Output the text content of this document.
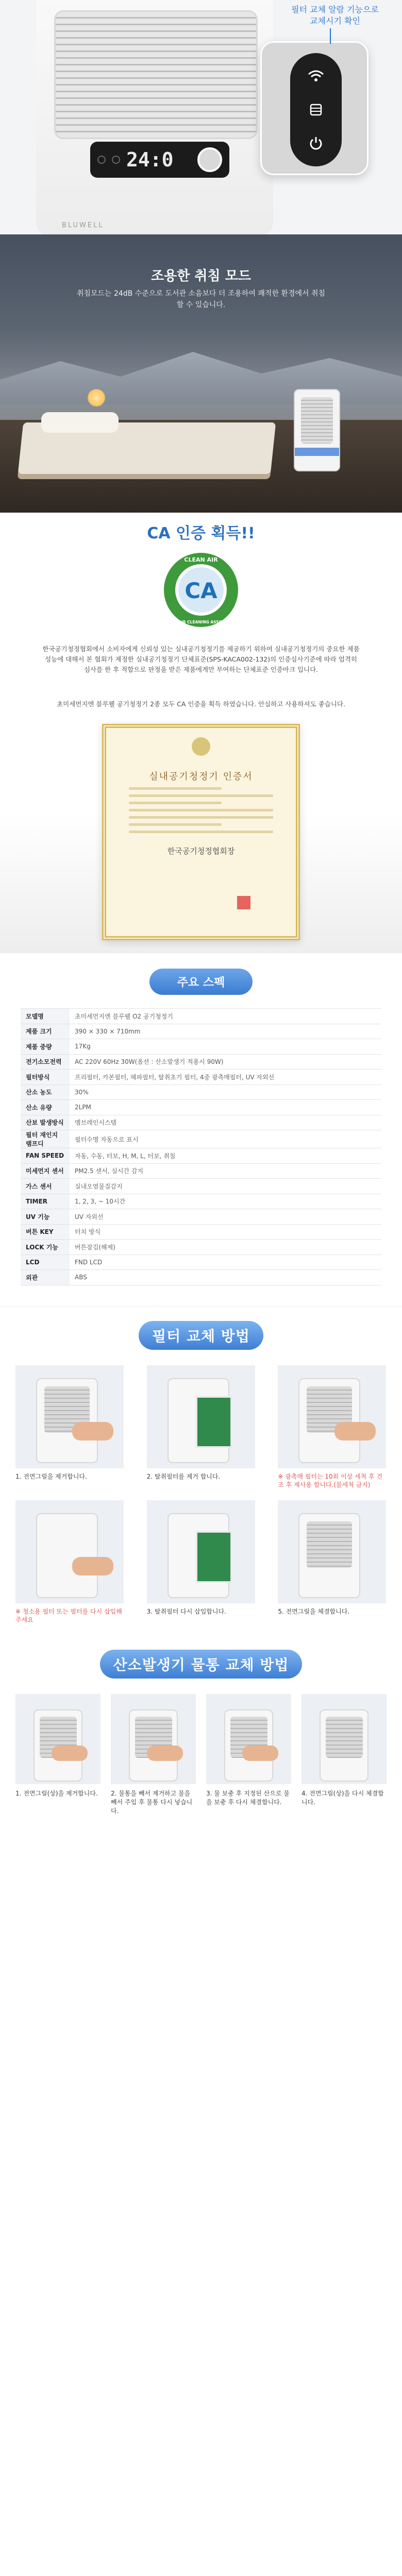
24:0
BLUWELL
필터 교체 알람 기능으로 교체시기 확인
조용한 취침 모드

취침모드는 24dB 수준으로 도서관 소음보다 더 조용하여 쾌적한 환경에서 취침 할 수 있습니다.

CA 인증 획득!!
CA
CLEAN AIR
KOREA AIR CLEANING ASSOCIATION

한국공기청정협회에서 소비자에게 신뢰성 있는 실내공기청정기를 제공하기 위하여 실내공기청정기의 중요한 제품 성능에 대해서 본 협회가 제정한 실내공기청정기 단체표준(SPS-KACA002-132)의 인증심사기준에 따라 엄격히 심사를 한 후 적합으로 판정을 받은 제품에게만 부여하는 단체표준 인증마크 입니다.

초미세먼지엔 블루웰 공기청정기 2종 모두 CA 인증을 획득 하였습니다. 안심하고 사용하셔도 좋습니다.

실내공기청정기 인증서
한국공기청정협회장
주요 스펙
모델명	초미세먼지엔 블루웰 O2 공기청정기
제품 크기	390 × 330 × 710mm
제품 중량	17Kg
전기소모전력	AC 220V 60Hz 30W(옵션 : 산소발생기 적용시 90W)
필터방식	프리필터, 카본필터, 헤파필터, 탈취초기 필터, 4중 광촉매필터, UV 자외선
산소 농도	30%
산소 유량	2LPM
산보 발생방식	멤브레인시스템
필터 재인지 램프디	필터수명 자동으로 표시
FAN SPEED	자동, 수동, 터보, H, M, L, 터보, 취침
미세먼지 센서	PM2.5 센서, 실시간 감지
가스 센서	실내오염물질감지
TIMER	1, 2, 3, ~ 10시간
UV 기능	UV 자외선
버튼 KEY	터치 방식
LOCK 기능	버튼잠김(해제)
LCD	FND LCD
외관	ABS
필터 교체 방법
1. 전면그릴을 제거합니다.	2. 탈취필터를 제거 합니다.	※ 광촉매 필터는 10회 이상 세척 후 건조 후 재사용 합니다.(물세척 금지)
※ 청소용 필터 또는 필터를 다시 삽입해 주세요
3. 탈취필터 다시 삽입합니다.	5. 전면그릴을 체결합니다.
산소발생기 물통 교체 방법
1. 전면그릴(상)을 제거합니다.	2. 물통을 빼서 제거하고 물을 빼서 주입 후 물통 다시 넣습니다.
3. 물 보충 후 지정된 산으로 물을 보충 후 다시 체결합니다.
4. 전면그릴(상)을 다시 체결합니다.
